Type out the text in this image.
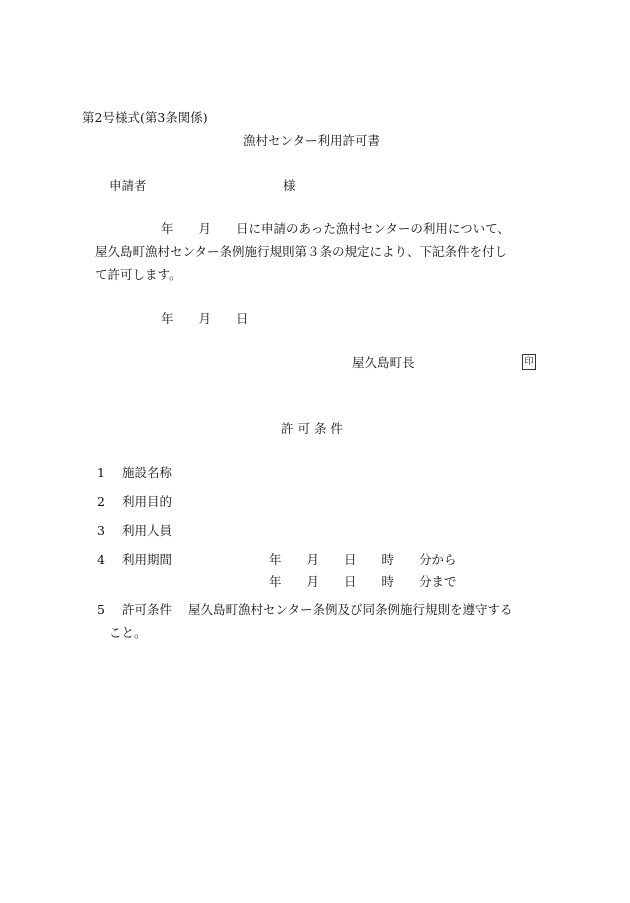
第2号様式(第3条関係)
漁村センター利用許可書
申請者	様
年　　月　　日に申請のあった漁村センターの利用について、
屋久島町漁村センター条例施行規則第３条の規定により、下記条件を付し
て許可します。
年　　月　　日
屋久島町長	印
許 可 条 件
1 施設名称
2 利用目的
3 利用人員
4 利用期間	年　　月　　日　　時　　分から
年　　月　　日　　時　　分まで
5 許可条件 屋久島町漁村センター条例及び同条例施行規則を遵守する
こと。
